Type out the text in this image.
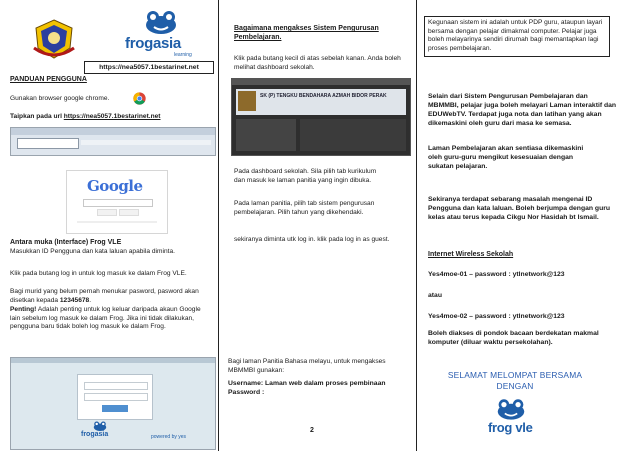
frogasia
learning
https://nea5057.1bestarinet.net
PANDUAN PENGGUNA
Gunakan browser google chrome.
Taipkan pada url https://nea5057.1bestarinet.net
Google
Antara muka (Interface) Frog VLE
Masukkan ID Pengguna dan kata laluan apabila diminta.
Klik pada butang log in untuk log masuk ke dalam Frog VLE.
Bagi murid yang belum pernah menukar pasword, pasword akan disetkan kepada 12345678.
Penting! Adalah penting untuk log keluar daripada akaun Google lain sebelum log masuk ke dalam Frog. Jika ini tidak dilakukan, pengguna baru tidak boleh log masuk ke dalam Frog.
frogasia	powered by yes
Bagaimana mengakses Sistem Pengurusan Pembelajaran.
Klik pada butang kecil di atas sebelah kanan. Anda boleh melihat dashboard sekolah.
SK (P) TENGKU BENDAHARA AZMAH BIDOR PERAK
Pada dashboard sekolah. Sila pilih tab kurikulum dan masuk ke laman panitia yang ingin dibuka.
Pada laman panitia, pilih tab sistem pengurusan pembelajaran. Pilih tahun yang dikehendaki.
sekiranya diminta utk log in. klik pada log in as guest.
Bagi laman Panitia Bahasa melayu, untuk mengakses MBMMBI gunakan:
Username: Laman web dalam proses pembinaan Password :
2
Kegunaan sistem ini adalah untuk PDP guru, ataupun layari bersama dengan pelajar dimakmal computer. Pelajar juga boleh melayarinya sendiri dirumah bagi memantapkan lagi proses pembelajaran.
Selain dari Sistem Pengurusan Pembelajaran dan MBMMBI, pelajar juga boleh melayari Laman interaktif dan EDUWebTV. Terdapat juga nota dan latihan yang akan dikemaskini oleh guru dari masa ke semasa.
Laman Pembelajaran akan sentiasa dikemaskini oleh guru-guru mengikut kesesuaian dengan sukatan pelajaran.
Sekiranya terdapat sebarang masalah mengenai ID Pengguna dan kata laluan. Boleh berjumpa dengan guru kelas atau terus kepada Cikgu Nor Hasidah bt Ismail.
Internet Wireless Sekolah
Yes4moe-01 – password : ytlnetwork@123
atau
Yes4moe-02 – password : ytlnetwork@123
Boleh diakses di pondok bacaan berdekatan makmal komputer (diluar waktu persekolahan).
SELAMAT MELOMPAT BERSAMA DENGAN
frog vle
